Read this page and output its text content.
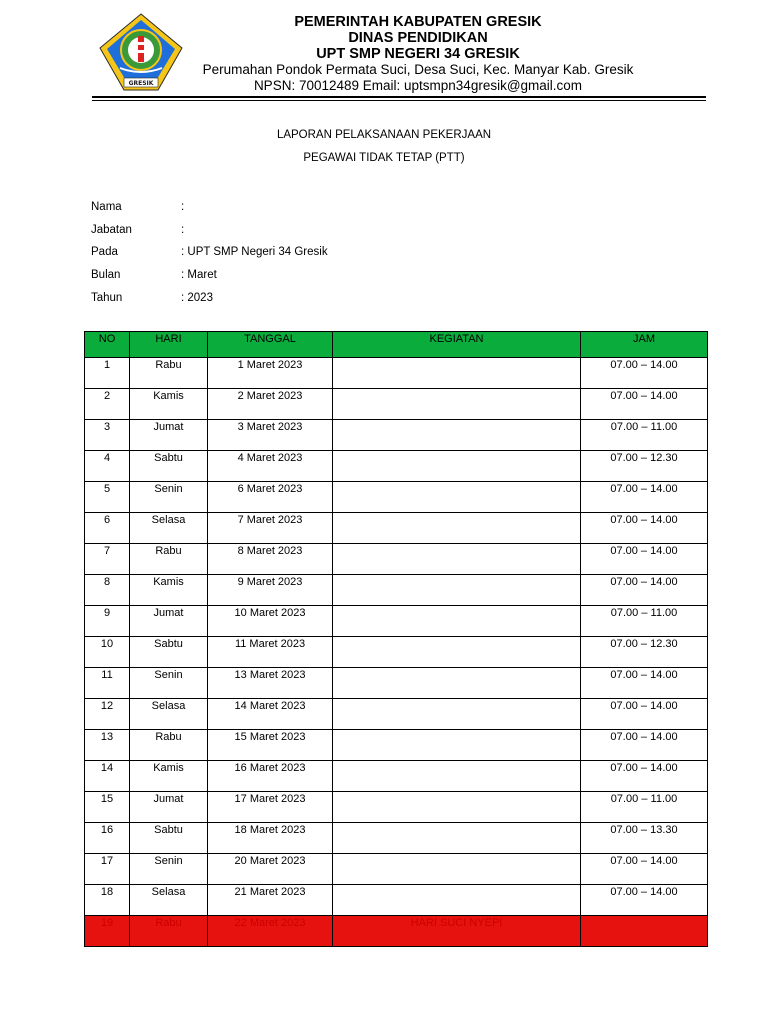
GRESIK
PEMERINTAH KABUPATEN GRESIK
DINAS PENDIDIKAN
UPT SMP NEGERI 34 GRESIK
Perumahan Pondok Permata Suci, Desa Suci, Kec. Manyar Kab. Gresik
NPSN: 70012489 Email: uptsmpn34gresik@gmail.com
LAPORAN PELAKSANAAN PEKERJAAN
PEGAWAI TIDAK TETAP (PTT)
Nama	:
Jabatan	:
Pada	: UPT SMP Negeri 34 Gresik
Bulan	: Maret
Tahun	: 2023
NO	HARI	TANGGAL	KEGIATAN	JAM
1	Rabu	1 Maret 2023		07.00 – 14.00
2	Kamis	2 Maret 2023		07.00 – 14.00
3	Jumat	3 Maret 2023		07.00 – 11.00
4	Sabtu	4 Maret 2023		07.00 – 12.30
5	Senin	6 Maret 2023		07.00 – 14.00
6	Selasa	7 Maret 2023		07.00 – 14.00
7	Rabu	8 Maret 2023		07.00 – 14.00
8	Kamis	9 Maret 2023		07.00 – 14.00
9	Jumat	10 Maret 2023		07.00 – 11.00
10	Sabtu	11 Maret 2023		07.00 – 12.30
11	Senin	13 Maret 2023		07.00 – 14.00
12	Selasa	14 Maret 2023		07.00 – 14.00
13	Rabu	15 Maret 2023		07.00 – 14.00
14	Kamis	16 Maret 2023		07.00 – 14.00
15	Jumat	17 Maret 2023		07.00 – 11.00
16	Sabtu	18 Maret 2023		07.00 – 13.30
17	Senin	20 Maret 2023		07.00 – 14.00
18	Selasa	21 Maret 2023		07.00 – 14.00
19	Rabu	22 Maret 2023	HARI SUCI NYEPI	
